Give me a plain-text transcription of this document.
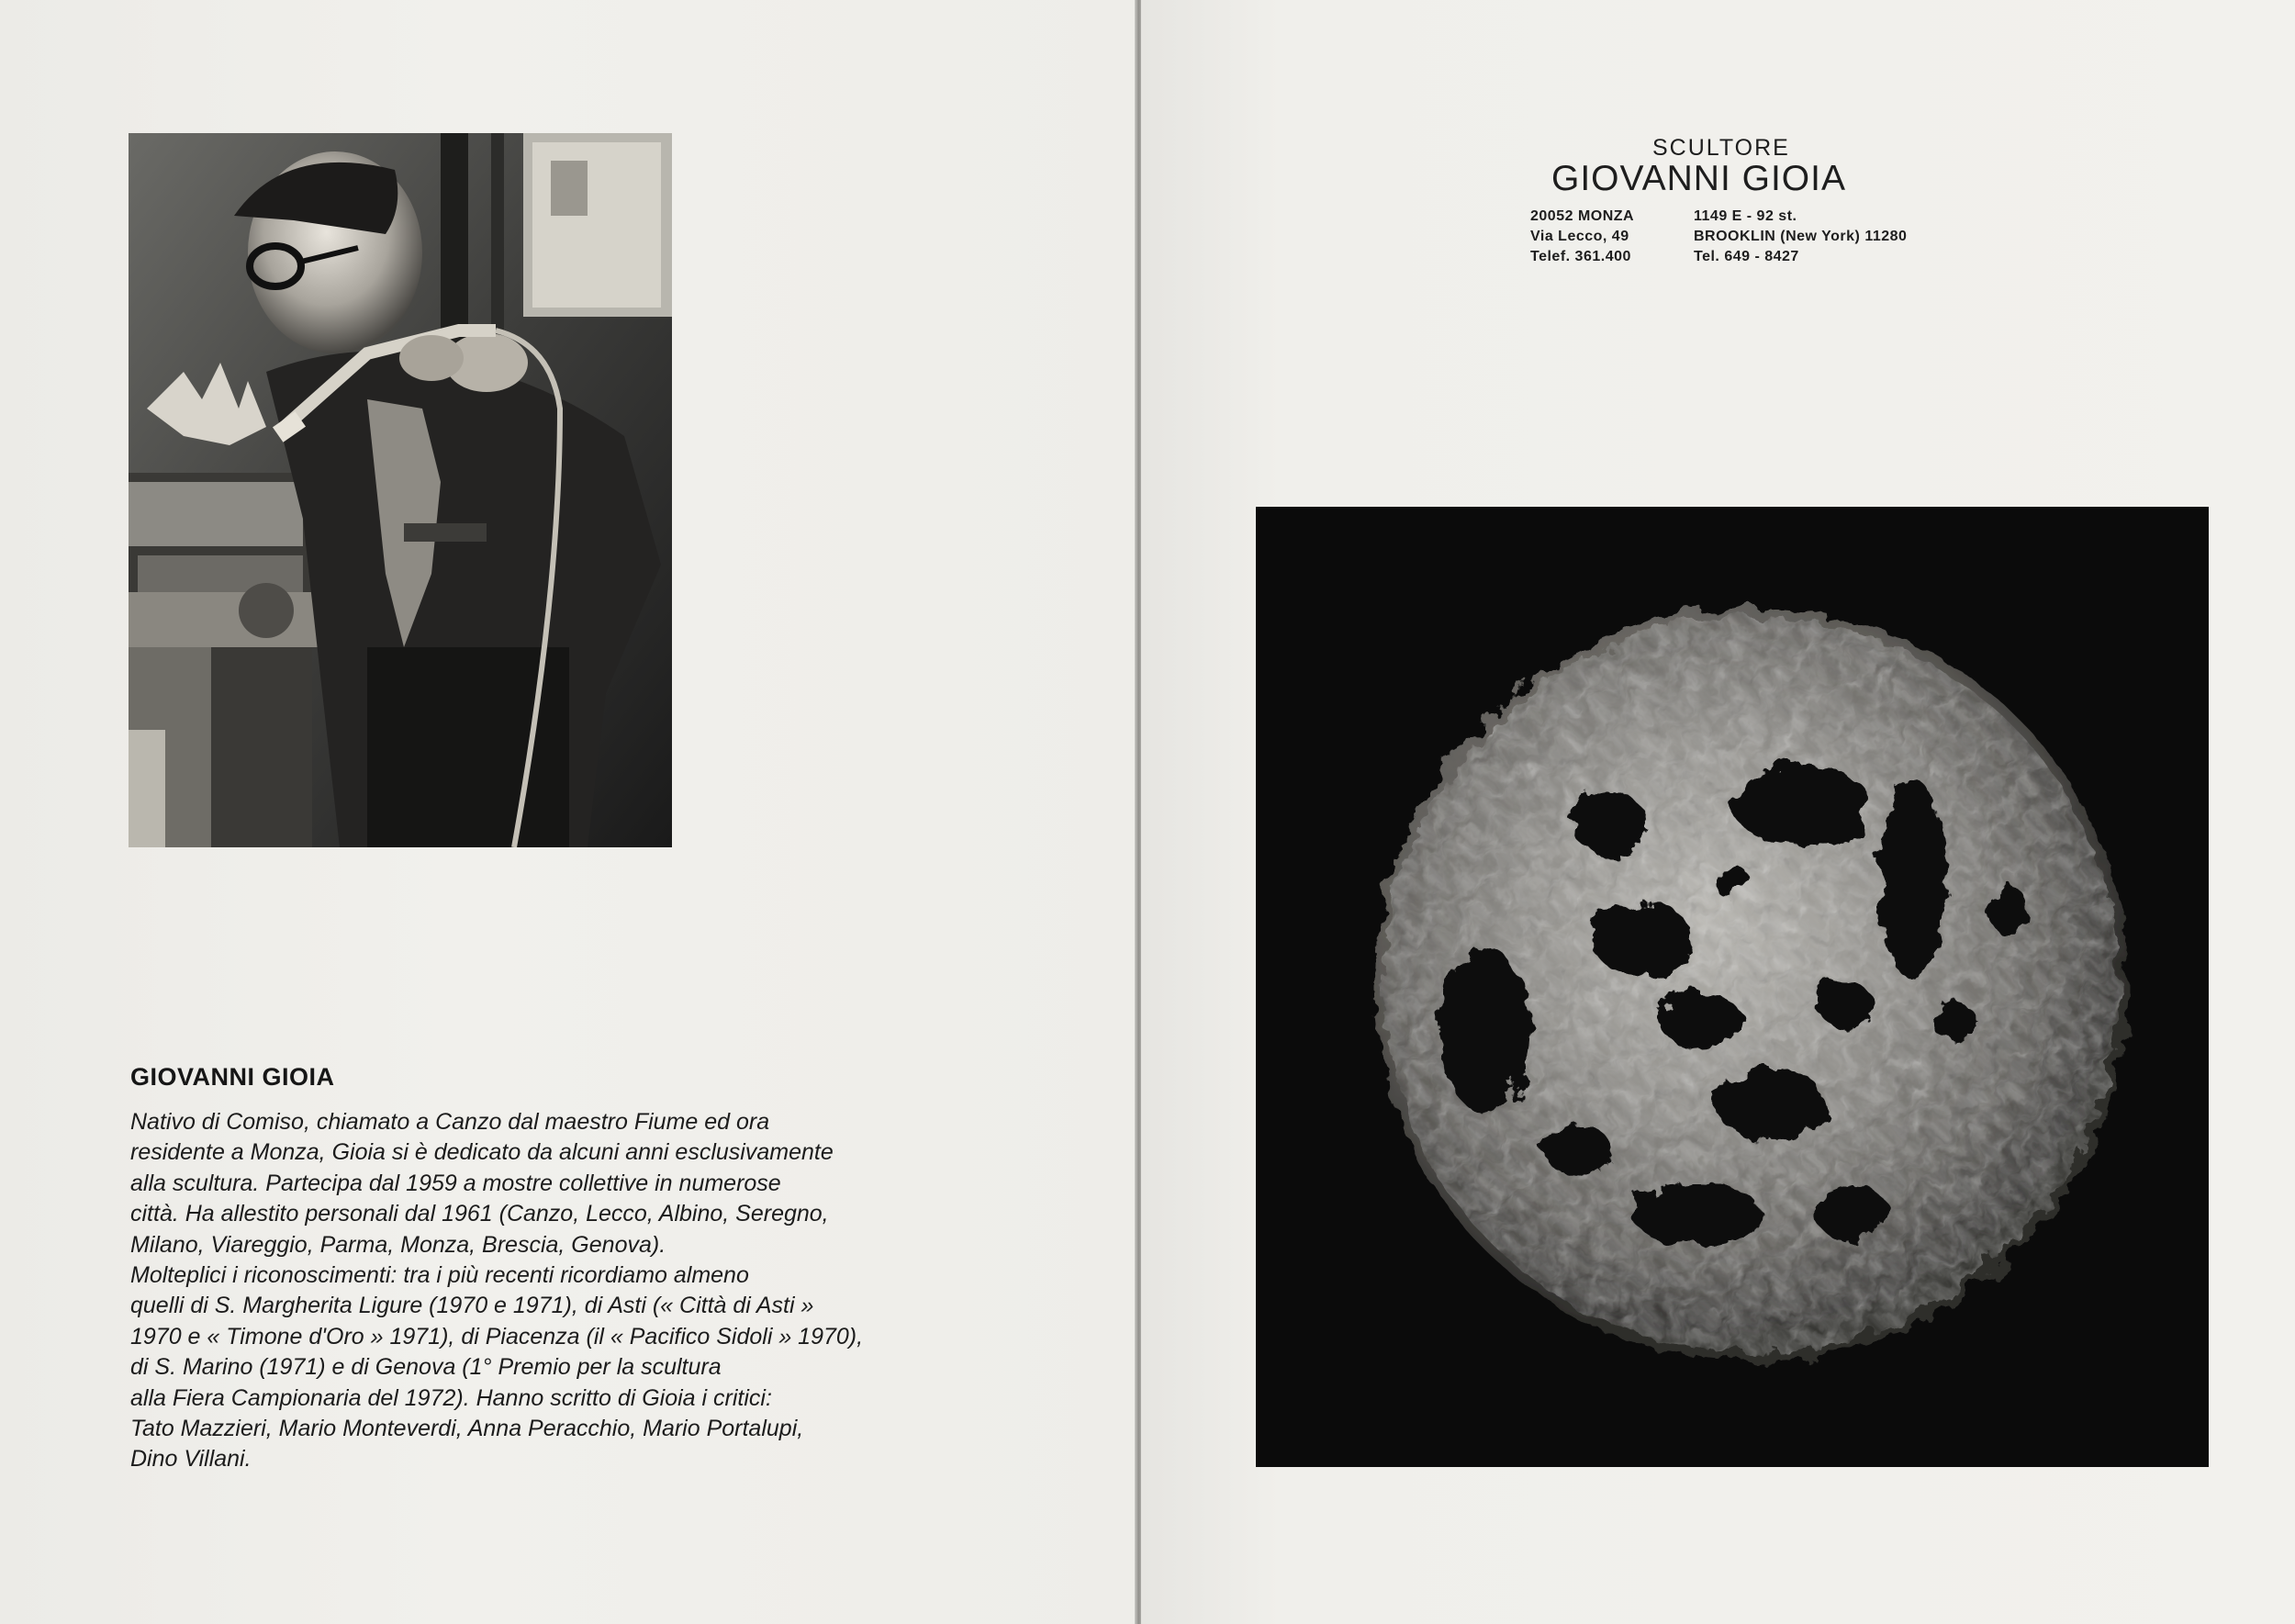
GIOVANNI GIOIA
Nativo di Comiso, chiamato a Canzo dal maestro Fiume ed ora
residente a Monza, Gioia si è dedicato da alcuni anni esclusivamente
alla scultura. Partecipa dal 1959 a mostre collettive in numerose
città. Ha allestito personali dal 1961 (Canzo, Lecco, Albino, Seregno,
Milano, Viareggio, Parma, Monza, Brescia, Genova).
Molteplici i riconoscimenti: tra i più recenti ricordiamo almeno
quelli di S. Margherita Ligure (1970 e 1971), di Asti (« Città di Asti »
1970 e « Timone d'Oro » 1971), di Piacenza (il « Pacifico Sidoli » 1970),
di S. Marino (1971) e di Genova (1° Premio per la scultura
alla Fiera Campionaria del 1972). Hanno scritto di Gioia i critici:
Tato Mazzieri, Mario Monteverdi, Anna Peracchio, Mario Portalupi,
Dino Villani.
SCULTORE
GIOVANNI GIOIA
20052 MONZA
Via Lecco, 49
Telef. 361.400
1149 E - 92 st.
BROOKLIN (New York) 11280
Tel. 649 - 8427
